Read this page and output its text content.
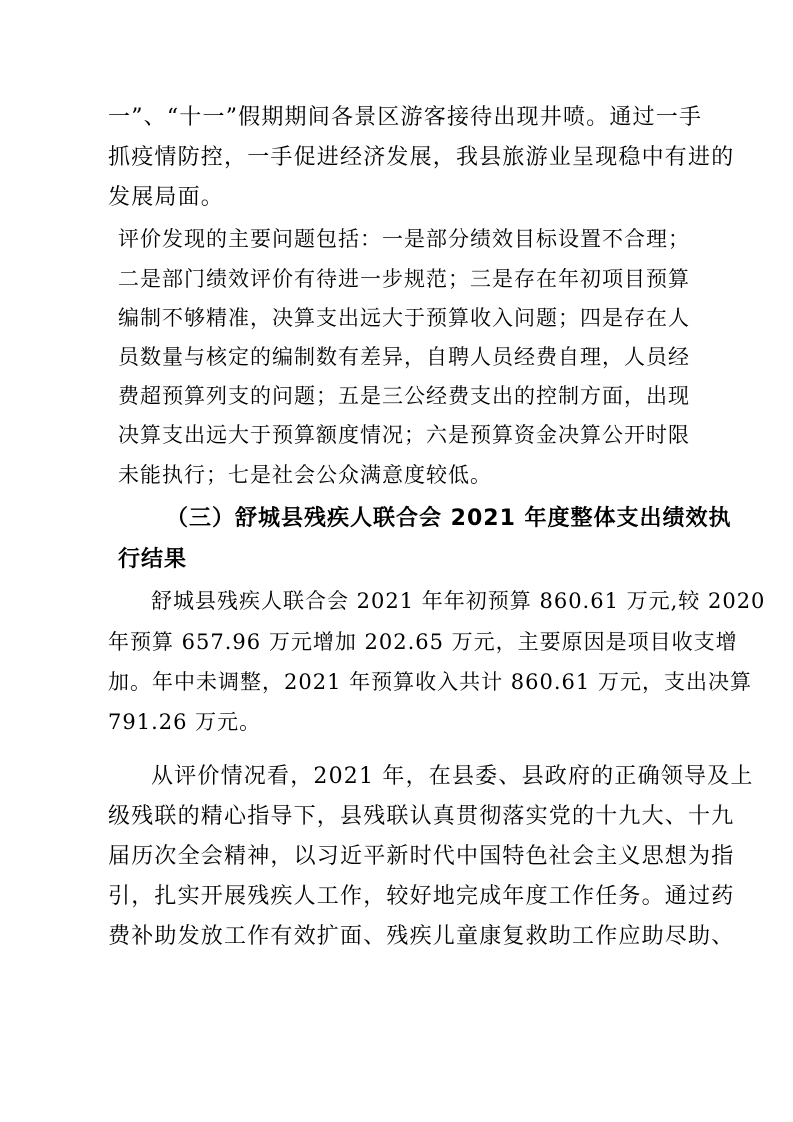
一”、“十一”假期期间各景区游客接待出现井喷。通过一手
抓疫情防控，一手促进经济发展，我县旅游业呈现稳中有进的
发展局面。
评价发现的主要问题包括：一是部分绩效目标设置不合理；
二是部门绩效评价有待进一步规范；三是存在年初项目预算
编制不够精准，决算支出远大于预算收入问题；四是存在人
员数量与核定的编制数有差异，自聘人员经费自理，人员经
费超预算列支的问题；五是三公经费支出的控制方面，出现
决算支出远大于预算额度情况；六是预算资金决算公开时限
未能执行；七是社会公众满意度较低。
（三）舒城县残疾人联合会 2021 年度整体支出绩效执
行结果
舒城县残疾人联合会 2021 年年初预算 860.61 万元,较 2020
年预算 657.96 万元增加 202.65 万元，主要原因是项目收支增
加。年中未调整，2021 年预算收入共计 860.61 万元，支出决算
791.26 万元。
从评价情况看，2021 年，在县委、县政府的正确领导及上
级残联的精心指导下，县残联认真贯彻落实党的十九大、十九
届历次全会精神，以习近平新时代中国特色社会主义思想为指
引，扎实开展残疾人工作，较好地完成年度工作任务。通过药
费补助发放工作有效扩面、残疾儿童康复救助工作应助尽助、
